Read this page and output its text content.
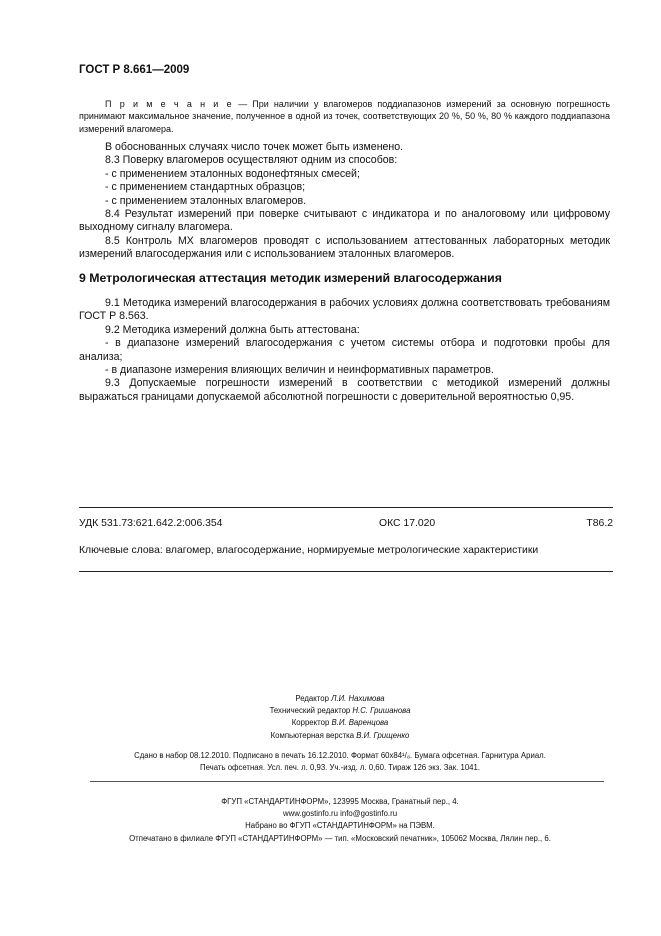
ГОСТ Р 8.661—2009

П р и м е ч а н и е — При наличии у влагомеров поддиапазонов измерений за основную погрешность принимают максимальное значение, полученное в одной из точек, соответствующих 20 %, 50 %, 80 % каждого поддиапазона измерений влагомера.

В обоснованных случаях число точек может быть изменено.

8.3 Поверку влагомеров осуществляют одним из способов:

- с применением эталонных водонефтяных смесей;

- с применением стандартных образцов;

- с применением эталонных влагомеров.

8.4 Результат измерений при поверке считывают с индикатора и по аналоговому или цифровому выходному сигналу влагомера.

8.5 Контроль МХ влагомеров проводят с использованием аттестованных лабораторных методик измерений влагосодержания или с использованием эталонных влагомеров.

9 Метрологическая аттестация методик измерений влагосодержания

9.1 Методика измерений влагосодержания в рабочих условиях должна соответствовать требованиям ГОСТ Р 8.563.

9.2 Методика измерений должна быть аттестована:

- в диапазоне измерений влагосодержания с учетом системы отбора и подготовки пробы для анализа;

- в диапазоне измерения влияющих величин и неинформативных параметров.

9.3 Допускаемые погрешности измерений в соответствии с методикой измерений должны выражаться границами допускаемой абсолютной погрешности с доверительной вероятностью 0,95.

УДК 531.73:621.642.2:006.354	ОКС 17.020	Т86.2
Ключевые слова: влагомер, влагосодержание, нормируемые метрологические характеристики
Редактор Л.И. Нахимова
Технический редактор Н.С. Гришанова
Корректор В.И. Варенцова
Компьютерная верстка В.И. Грищенко
Сдано в набор 08.12.2010. Подписано в печать 16.12.2010. Формат 60x84¹/₈. Бумага офсетная. Гарнитура Ариал.
Печать офсетная. Усл. печ. л. 0,93. Уч.-изд. л. 0,60. Тираж 126 экз. Зак. 1041.
ФГУП «СТАНДАРТИНФОРМ», 123995 Москва, Гранатный пер., 4.
www.gostinfo.ru info@gostinfo.ru
Набрано во ФГУП «СТАНДАРТИНФОРМ» на ПЭВМ.
Отпечатано в филиале ФГУП «СТАНДАРТИНФОРМ» — тип. «Московский печатник», 105062 Москва, Лялин пер., 6.
